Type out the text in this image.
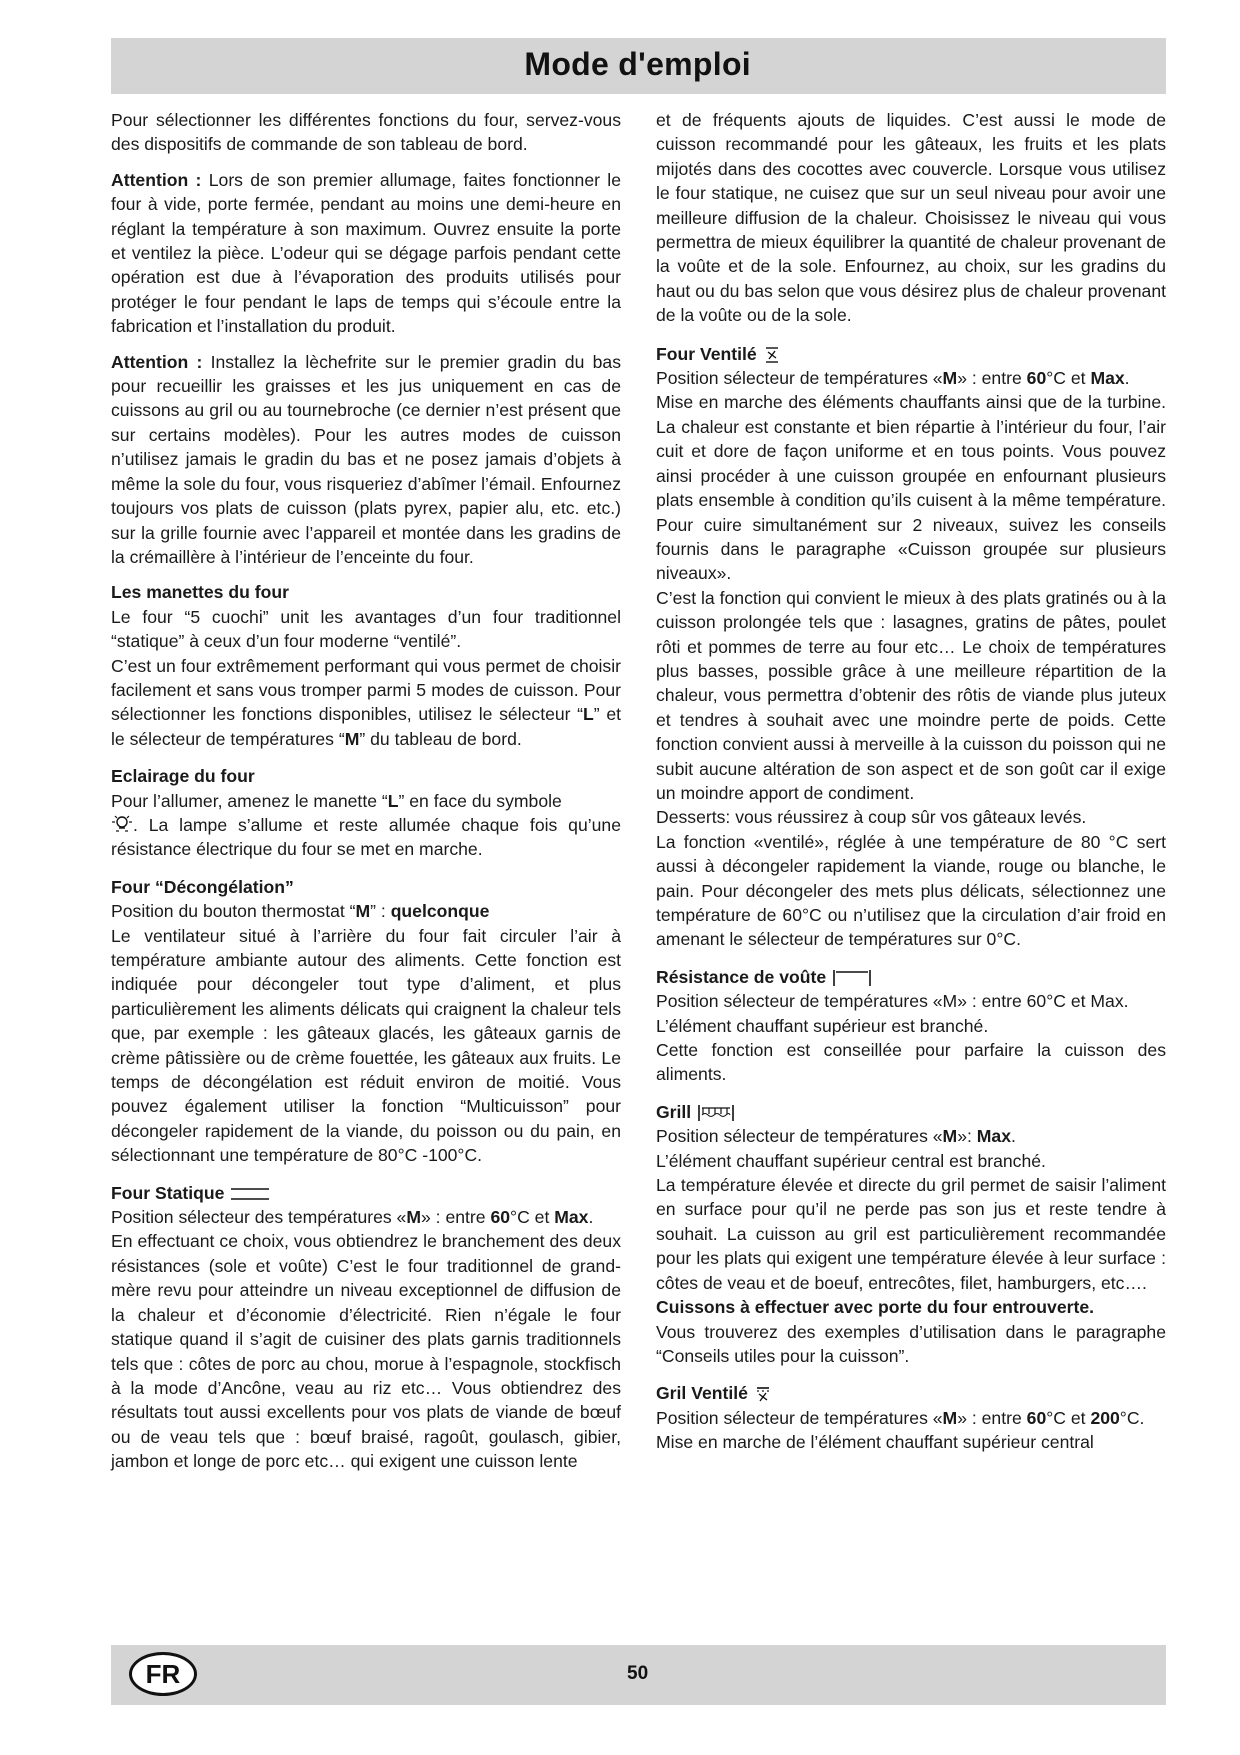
Mode d'emploi

Pour sélectionner les différentes fonctions du four, servez-vous des dispositifs de commande de son tableau de bord.

Attention : Lors de son premier allumage, faites fonctionner le four à vide, porte fermée, pendant au moins une demi-heure en réglant la température à son maximum. Ouvrez ensuite la porte et ventilez la pièce. L’odeur qui se dégage parfois pendant cette opération est due à l’évaporation des produits utilisés pour protéger le four pendant le laps de temps qui s’écoule entre la fabrication et l’installation du produit.

Attention : Installez la lèchefrite sur le premier gradin du bas pour recueillir les graisses et les jus uniquement en cas de cuissons au gril ou au tournebroche (ce dernier n’est présent que sur certains modèles). Pour les autres modes de cuisson n’utilisez jamais le gradin du bas et ne posez jamais d’objets à même la sole du four, vous risqueriez d’abîmer l’émail. Enfournez toujours vos plats de cuisson (plats pyrex, papier alu, etc. etc.) sur la grille fournie avec l’appareil et montée dans les gradins de la crémaillère à l’intérieur de l’enceinte du four.

Les manettes du four
Le four “5 cuochi” unit les avantages d’un four traditionnel “statique” à ceux d’un four moderne “ventilé”.
C’est un four extrêmement performant qui vous permet de choisir facilement et sans vous tromper parmi 5 modes de cuisson. Pour sélectionner les fonctions disponibles, utilisez le sélecteur “L” et le sélecteur de températures “M” du tableau de bord.
Eclairage du four
Pour l’allumer, amenez le manette “L” en face du symbole
. La lampe s’allume et reste allumée chaque fois qu’une résistance électrique du four se met en marche.
Four “Décongélation”
Position du bouton thermostat “M” : quelconque
Le ventilateur situé à l’arrière du four fait circuler l’air à température ambiante autour des aliments. Cette fonction est indiquée pour décongeler tout type d’aliment, et plus particulièrement les aliments délicats qui craignent la chaleur tels que, par exemple : les gâteaux glacés, les gâteaux garnis de crème pâtissière ou de crème fouettée, les gâteaux aux fruits. Le temps de décongélation est réduit environ de moitié. Vous pouvez également utiliser la fonction “Multicuisson” pour décongeler rapidement de la viande, du poisson ou du pain, en sélectionnant une température de 80°C -100°C.
Four Statique
Position sélecteur des températures «M» : entre 60°C et Max.
En effectuant ce choix, vous obtiendrez le branchement des deux résistances (sole et voûte) C’est le four traditionnel de grand-mère revu pour atteindre un niveau exceptionnel de diffusion de la chaleur et d’économie d’électricité. Rien n’égale le four statique quand il s’agit de cuisiner des plats garnis traditionnels tels que : côtes de porc au chou, morue à l’espagnole, stockfisch à la mode d’Ancône, veau au riz etc… Vous obtiendrez des résultats tout aussi excellents pour vos plats de viande de bœuf ou de veau tels que : bœuf braisé, ragoût, goulasch, gibier, jambon et longe de porc etc… qui exigent une cuisson lente

et de fréquents ajouts de liquides. C’est aussi le mode de cuisson recommandé pour les gâteaux, les fruits et les plats mijotés dans des cocottes avec couvercle. Lorsque vous utilisez le four statique, ne cuisez que sur un seul niveau pour avoir une meilleure diffusion de la chaleur. Choisissez le niveau qui vous permettra de mieux équilibrer la quantité de chaleur provenant de la voûte et de la sole. Enfournez, au choix, sur les gradins du haut ou du bas selon que vous désirez plus de chaleur provenant de la voûte ou de la sole.

Four Ventilé
Position sélecteur de températures «M» : entre 60°C et Max.
Mise en marche des éléments chauffants ainsi que de la turbine. La chaleur est constante et bien répartie à l’intérieur du four, l’air cuit et dore de façon uniforme et en tous points. Vous pouvez ainsi procéder à une cuisson groupée en enfournant plusieurs plats ensemble à condition qu’ils cuisent à la même température. Pour cuire simultanément sur 2 niveaux, suivez les conseils fournis dans le paragraphe «Cuisson groupée sur plusieurs niveaux».
C’est la fonction qui convient le mieux à des plats gratinés ou à la cuisson prolongée tels que : lasagnes, gratins de pâtes, poulet rôti et pommes de terre au four etc… Le choix de températures plus basses, possible grâce à une meilleure répartition de la chaleur, vous permettra d’obtenir des rôtis de viande plus juteux et tendres à souhait avec une moindre perte de poids. Cette fonction convient aussi à merveille à la cuisson du poisson qui ne subit aucune altération de son aspect et de son goût car il exige un moindre apport de condiment.
Desserts: vous réussirez à coup sûr vos gâteaux levés.
La fonction «ventilé», réglée à une température de 80 °C sert aussi à décongeler rapidement la viande, rouge ou blanche, le pain. Pour décongeler des mets plus délicats, sélectionnez une température de 60°C ou n’utilisez que la circulation d’air froid en amenant le sélecteur de températures sur 0°C.
Résistance de voûte
Position sélecteur de températures «M» : entre 60°C et Max.
L’élément chauffant supérieur est branché.
Cette fonction est conseillée pour parfaire la cuisson des aliments.
Grill
Position sélecteur de températures «M»: Max.
L’élément chauffant supérieur central est branché.
La température élevée et directe du gril permet de saisir l’aliment en surface pour qu’il ne perde pas son jus et reste tendre à souhait. La cuisson au gril est particulièrement recommandée pour les plats qui exigent une température élevée à leur surface : côtes de veau et de boeuf, entrecôtes, filet, hamburgers, etc….
Cuissons à effectuer avec porte du four entrouverte.
Vous trouverez des exemples d’utilisation dans le paragraphe “Conseils utiles pour la cuisson”.
Gril Ventilé
Position sélecteur de températures «M» : entre 60°C et 200°C.
Mise en marche de l’élément chauffant supérieur central
FR	50
